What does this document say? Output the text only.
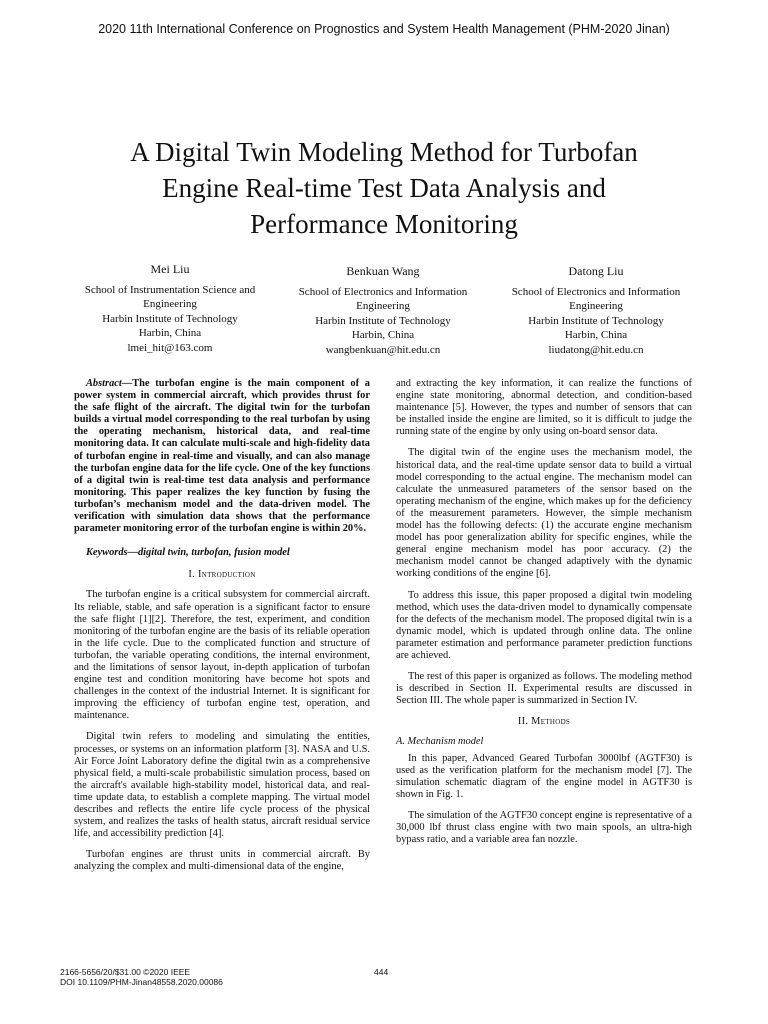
2020 11th International Conference on Prognostics and System Health Management (PHM-2020 Jinan)
A Digital Twin Modeling Method for Turbofan
Engine Real-time Test Data Analysis and
Performance Monitoring
Mei Liu
School of Instrumentation Science and
Engineering
Harbin Institute of Technology
Harbin, China
lmei_hit@163.com
Benkuan Wang
School of Electronics and Information
Engineering
Harbin Institute of Technology
Harbin, China
wangbenkuan@hit.edu.cn
Datong Liu
School of Electronics and Information
Engineering
Harbin Institute of Technology
Harbin, China
liudatong@hit.edu.cn
Abstract—The turbofan engine is the main component of a power system in commercial aircraft, which provides thrust for the safe flight of the aircraft. The digital twin for the turbofan builds a virtual model corresponding to the real turbofan by using the operating mechanism, historical data, and real-time monitoring data. It can calculate multi-scale and high-fidelity data of turbofan engine in real-time and visually, and can also manage the turbofan engine data for the life cycle. One of the key functions of a digital twin is real-time test data analysis and performance monitoring. This paper realizes the key function by fusing the turbofan’s mechanism model and the data-driven model. The verification with simulation data shows that the performance parameter monitoring error of the turbofan engine is within 20%.
Keywords—digital twin, turbofan, fusion model
I. Introduction

The turbofan engine is a critical subsystem for commercial aircraft. Its reliable, stable, and safe operation is a significant factor to ensure the safe flight [1][2]. Therefore, the test, experiment, and condition monitoring of the turbofan engine are the basis of its reliable operation in the life cycle. Due to the complicated function and structure of turbofan, the variable operating conditions, the internal environment, and the limitations of sensor layout, in-depth application of turbofan engine test and condition monitoring have become hot spots and challenges in the context of the industrial Internet. It is significant for improving the efficiency of turbofan engine test, operation, and maintenance.

Digital twin refers to modeling and simulating the entities, processes, or systems on an information platform [3]. NASA and U.S. Air Force Joint Laboratory define the digital twin as a comprehensive physical field, a multi-scale probabilistic simulation process, based on the aircraft's available high-stability model, historical data, and real-time update data, to establish a complete mapping. The virtual model describes and reflects the entire life cycle process of the physical system, and realizes the tasks of health status, aircraft residual service life, and accessibility prediction [4].

Turbofan engines are thrust units in commercial aircraft. By analyzing the complex and multi-dimensional data of the engine,

and extracting the key information, it can realize the functions of engine state monitoring, abnormal detection, and condition-based maintenance [5]. However, the types and number of sensors that can be installed inside the engine are limited, so it is difficult to judge the running state of the engine by only using on-board sensor data.

The digital twin of the engine uses the mechanism model, the historical data, and the real-time update sensor data to build a virtual model corresponding to the actual engine. The mechanism model can calculate the unmeasured parameters of the sensor based on the operating mechanism of the engine, which makes up for the deficiency of the measurement parameters. However, the simple mechanism model has the following defects: (1) the accurate engine mechanism model has poor generalization ability for specific engines, while the general engine mechanism model has poor accuracy. (2) the mechanism model cannot be changed adaptively with the dynamic working conditions of the engine [6].

To address this issue, this paper proposed a digital twin modeling method, which uses the data-driven model to dynamically compensate for the defects of the mechanism model. The proposed digital twin is a dynamic model, which is updated through online data. The online parameter estimation and performance parameter prediction functions are achieved.

The rest of this paper is organized as follows. The modeling method is described in Section II. Experimental results are discussed in Section III. The whole paper is summarized in Section IV.

II. Methods
A. Mechanism model

In this paper, Advanced Geared Turbofan 3000lbf (AGTF30) is used as the verification platform for the mechanism model [7]. The simulation schematic diagram of the engine model in AGTF30 is shown in Fig. 1.

The simulation of the AGTF30 concept engine is representative of a 30,000 lbf thrust class engine with two main spools, an ultra-high bypass ratio, and a variable area fan nozzle.

2166-5656/20/$31.00 ©2020 IEEE
DOI 10.1109/PHM-Jinan48558.2020.00086
444
